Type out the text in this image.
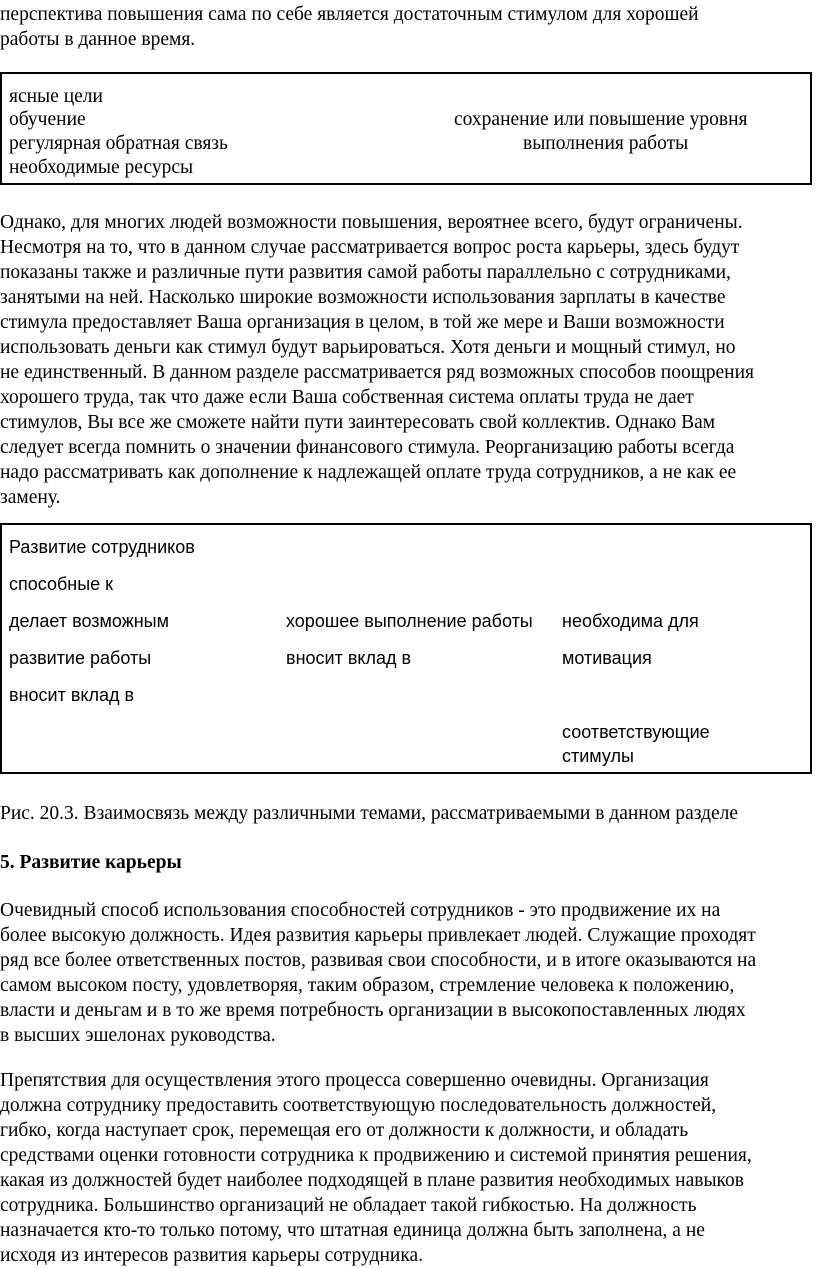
перспектива повышения сама по себе является достаточным стимулом для хорошей
работы в данное время.
ясные цели
обучение
регулярная обратная связь
необходимые ресурсы
сохранение или повышение уровня
выполнения работы
Однако, для многих людей возможности повышения, вероятнее всего, будут ограничены.
Несмотря на то, что в данном случае рассматривается вопрос роста карьеры, здесь будут
показаны также и различные пути развития самой работы параллельно с сотрудниками,
занятыми на ней. Насколько широкие возможности использования зарплаты в качестве
стимула предоставляет Ваша организация в целом, в той же мере и Ваши возможности
использовать деньги как стимул будут варьироваться. Хотя деньги и мощный стимул, но
не единственный. В данном разделе рассматривается ряд возможных способов поощрения
хорошего труда, так что даже если Ваша собственная система оплаты труда не дает
стимулов, Вы все же сможете найти пути заинтересовать свой коллектив. Однако Вам
следует всегда помнить о значении финансового стимула. Реорганизацию работы всегда
надо рассматривать как дополнение к надлежащей оплате труда сотрудников, а не как ее
замену.
Развитие сотрудников
способные к
делает возможным
развитие работы
вносит вклад в
хорошее выполнение работы
вносит вклад в
необходима для
мотивация
соответствующие
стимулы
Рис. 20.3. Взаимосвязь между различными темами, рассматриваемыми в данном разделе
5. Развитие карьеры
Очевидный способ использования способностей сотрудников - это продвижение их на
более высокую должность. Идея развития карьеры привлекает людей. Служащие проходят
ряд все более ответственных постов, развивая свои способности, и в итоге оказываются на
самом высоком посту, удовлетворяя, таким образом, стремление человека к положению,
власти и деньгам и в то же время потребность организации в высокопоставленных людях
в высших эшелонах руководства.
Препятствия для осуществления этого процесса совершенно очевидны. Организация
должна сотруднику предоставить соответствующую последовательность должностей,
гибко, когда наступает срок, перемещая его от должности к должности, и обладать
средствами оценки готовности сотрудника к продвижению и системой принятия решения,
какая из должностей будет наиболее подходящей в плане развития необходимых навыков
сотрудника. Большинство организаций не обладает такой гибкостью. На должность
назначается кто-то только потому, что штатная единица должна быть заполнена, а не
исходя из интересов развития карьеры сотрудника.
